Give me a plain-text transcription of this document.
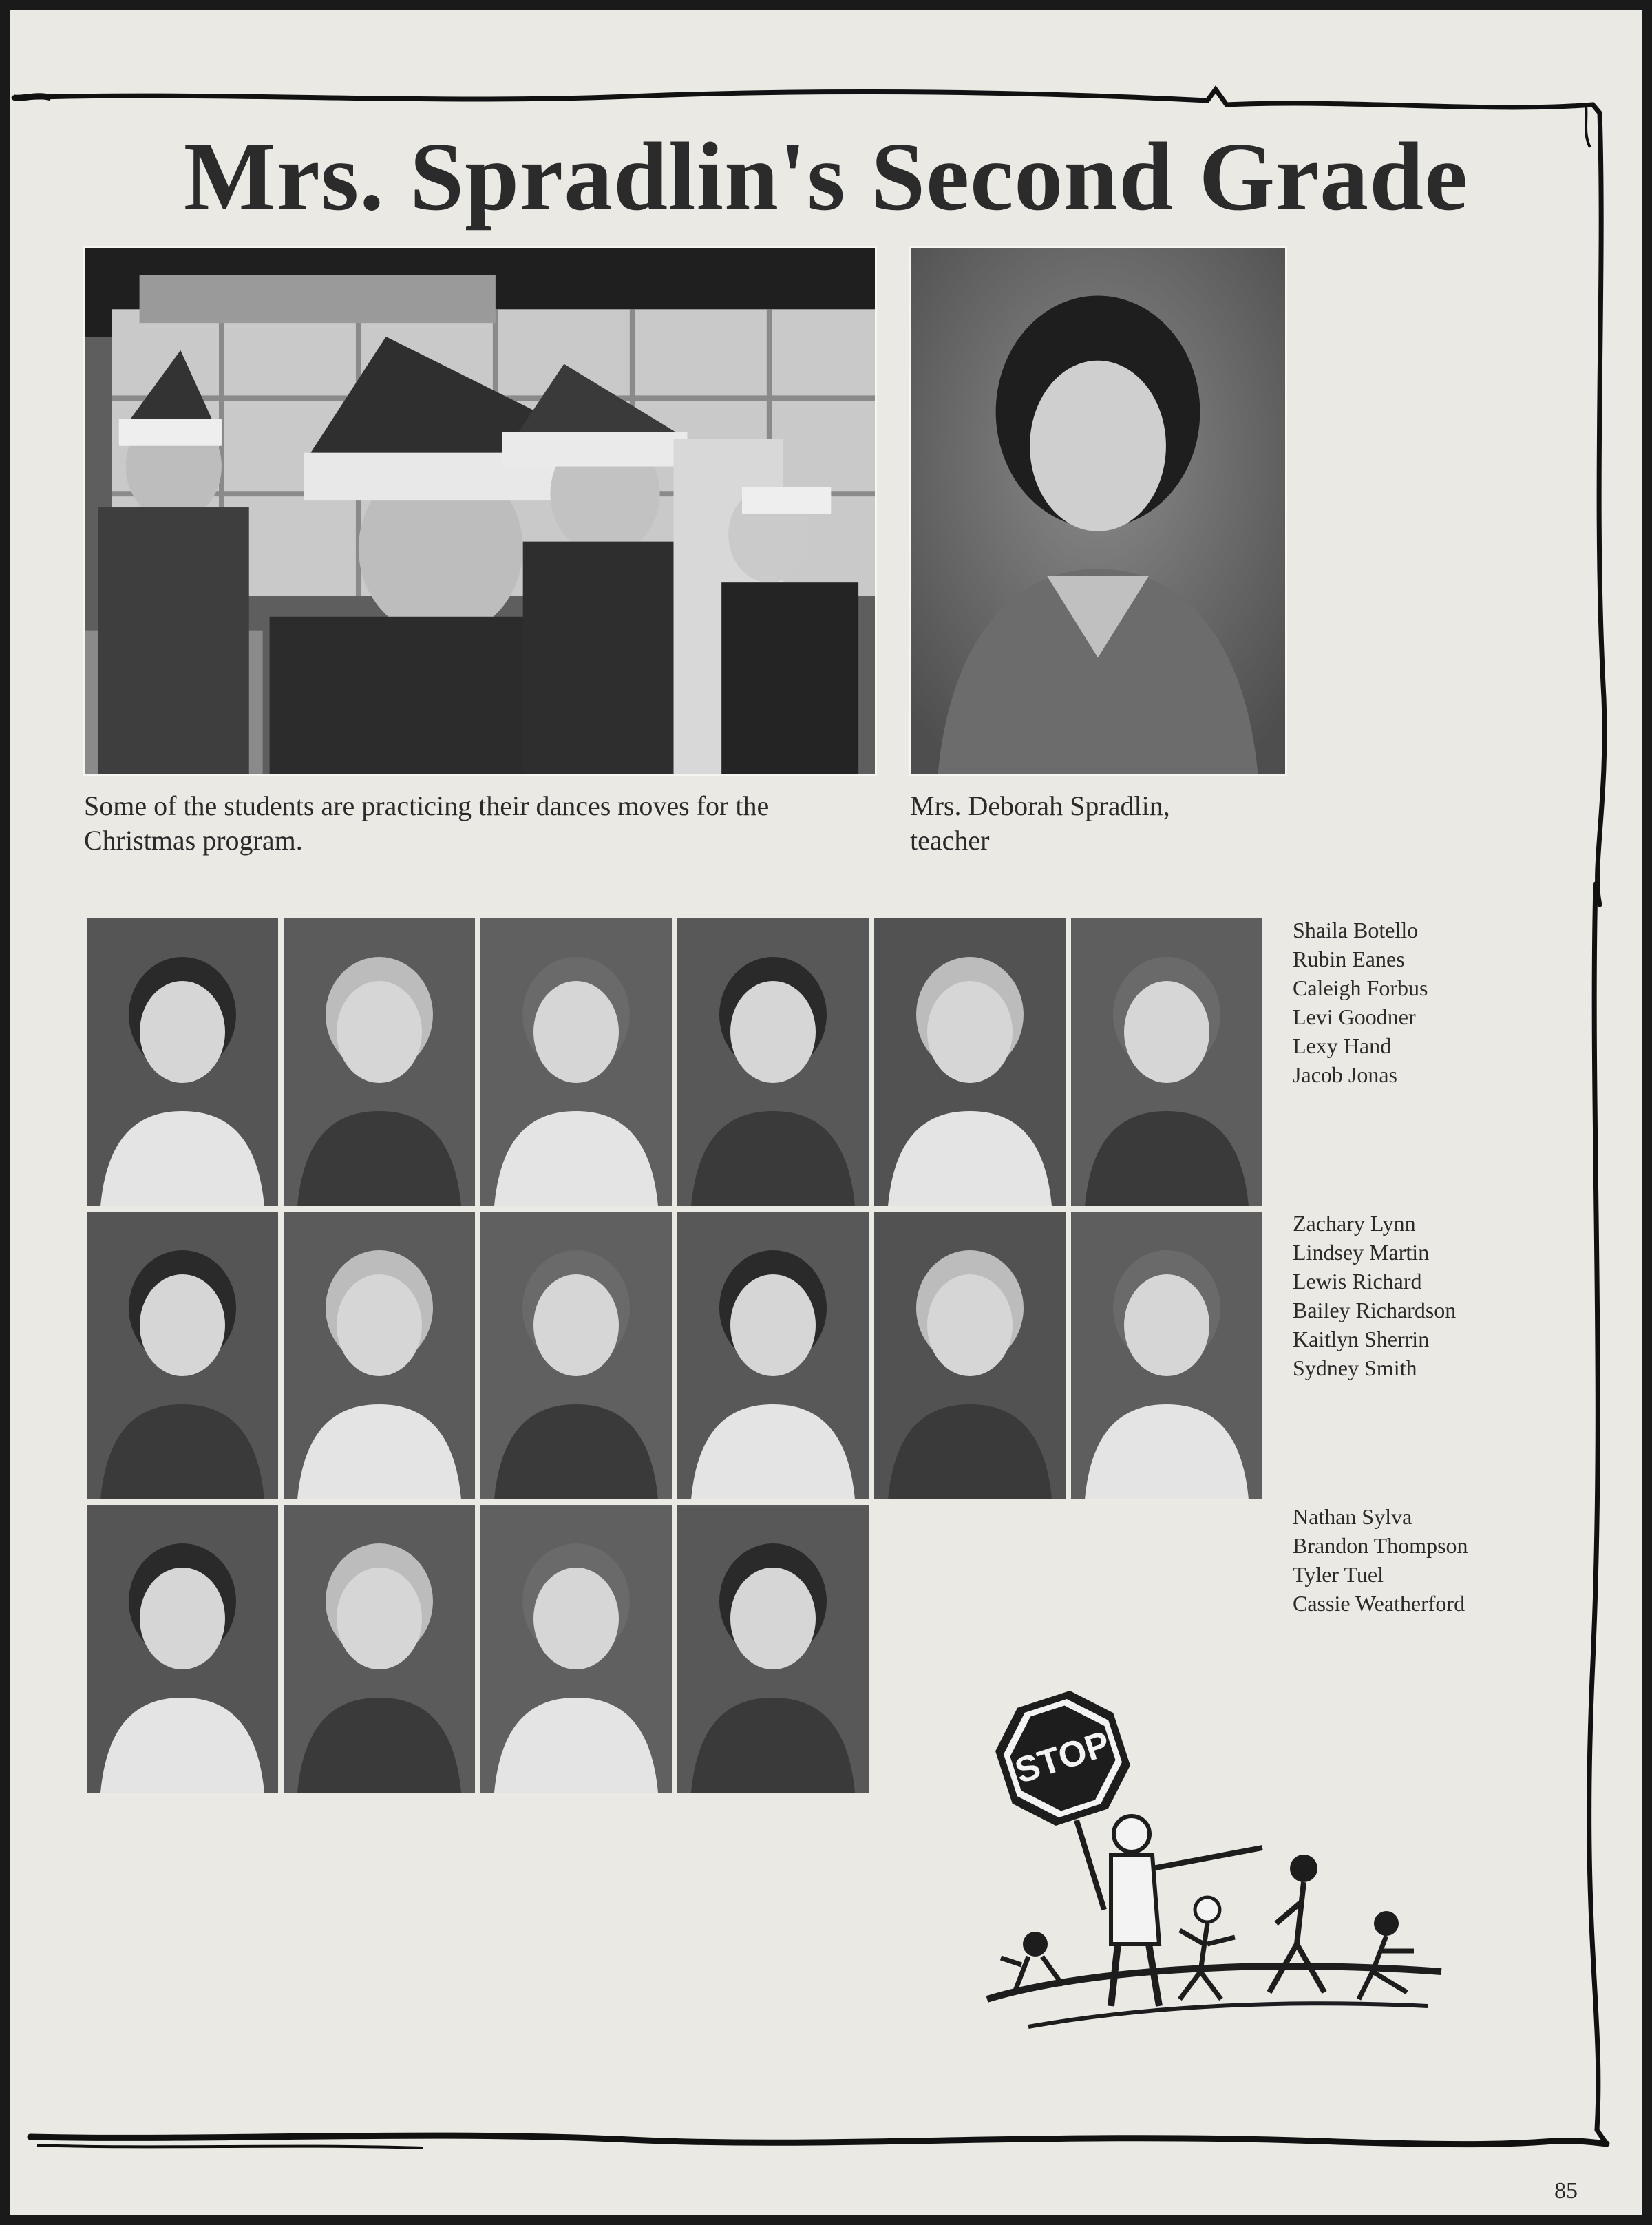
Mrs. Spradlin's Second Grade
Some of the students are practicing their dances moves for the
Christmas program.
Mrs. Deborah Spradlin,
teacher
Shaila Botello
Rubin Eanes
Caleigh Forbus
Levi Goodner
Lexy Hand
Jacob Jonas
Zachary Lynn
Lindsey Martin
Lewis Richard
Bailey Richardson
Kaitlyn Sherrin
Sydney Smith
Nathan Sylva
Brandon Thompson
Tyler Tuel
Cassie Weatherford
STOP
85
